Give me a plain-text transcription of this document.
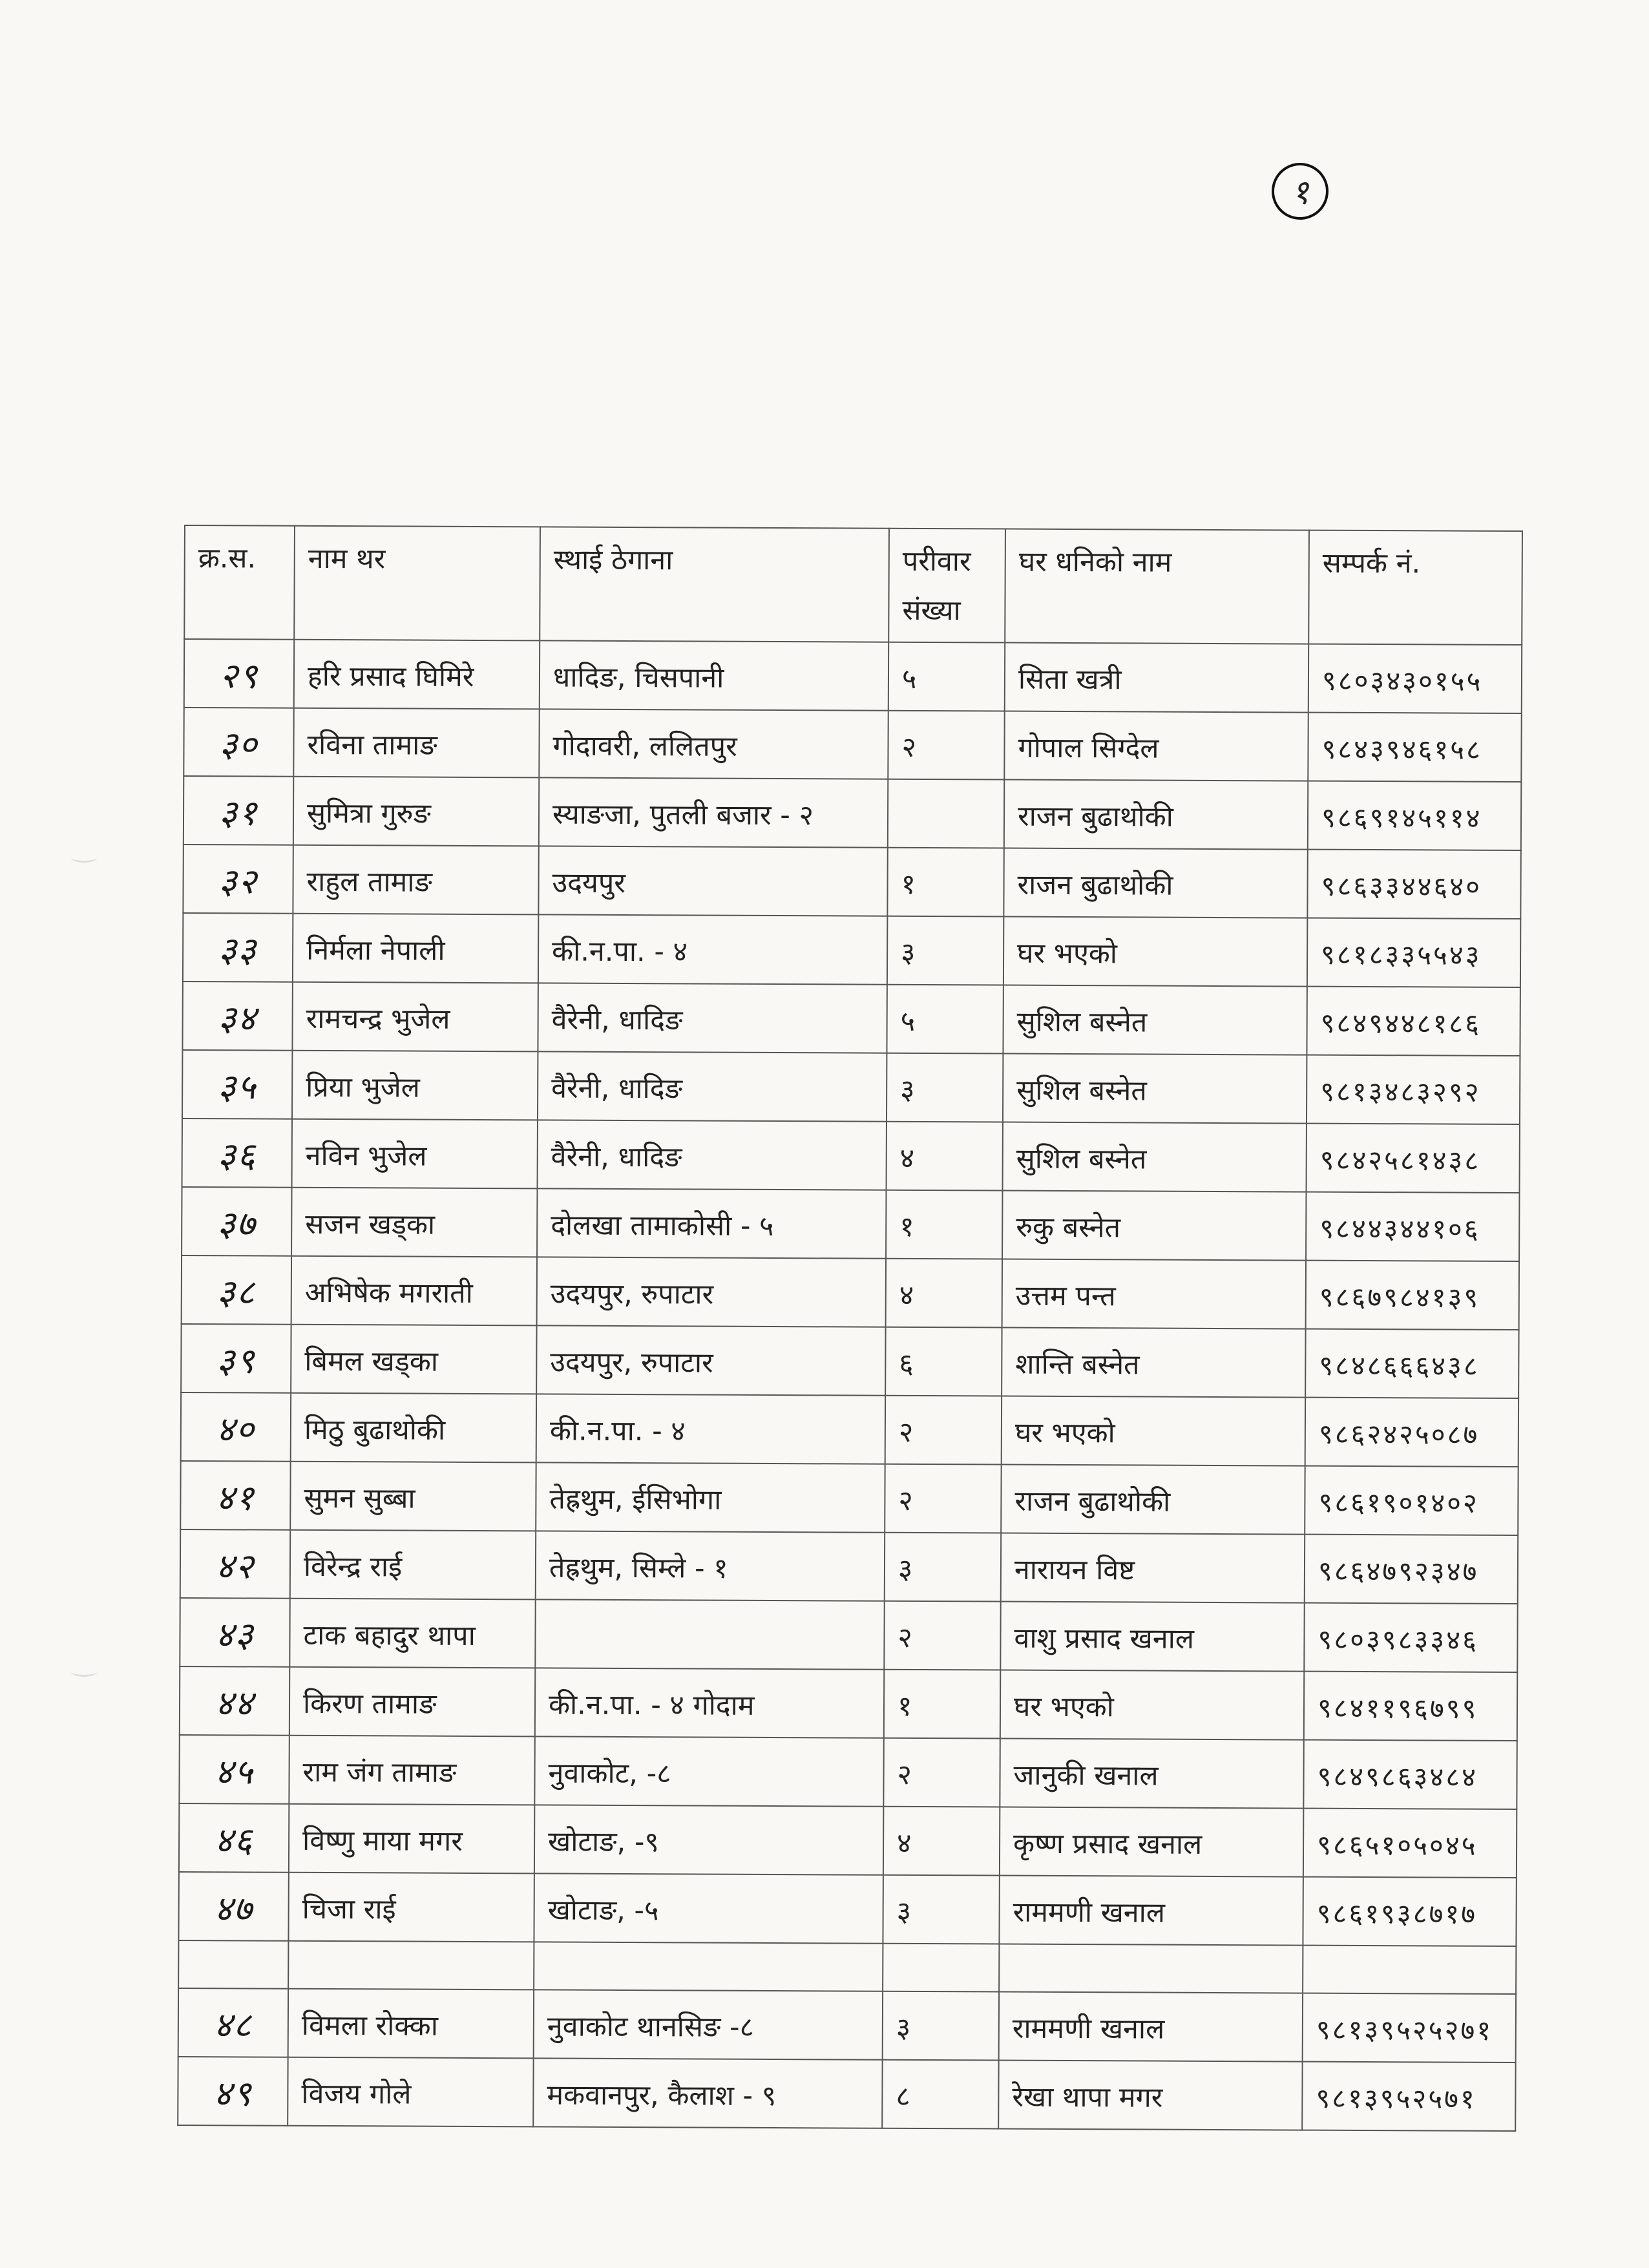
१
क्र.स.	नाम थर	स्थाई ठेगाना	परीवार संख्या	घर धनिको नाम	सम्पर्क नं.
२९	हरि प्रसाद घिमिरे	धादिङ, चिसपानी	५	सिता खत्री	९८०३४३०१५५
३०	रविना तामाङ	गोदावरी, ललितपुर	२	गोपाल सिग्देल	९८४३९४६१५८
३१	सुमित्रा गुरुङ	स्याङजा, पुतली बजार - २		राजन बुढाथोकी	९८६९१४५११४
३२	राहुल तामाङ	उदयपुर	१	राजन बुढाथोकी	९८६३३४४६४०
३३	निर्मला नेपाली	की.न.पा. - ४	३	घर भएको	९८१८३३५५४३
३४	रामचन्द्र भुजेल	वैरेनी, धादिङ	५	सुशिल बस्नेत	९८४९४४८१८६
३५	प्रिया भुजेल	वैरेनी, धादिङ	३	सुशिल बस्नेत	९८१३४८३२९२
३६	नविन भुजेल	वैरेनी, धादिङ	४	सुशिल बस्नेत	९८४२५८१४३८
३७	सजन खड्का	दोलखा तामाकोसी - ५	१	रुकु बस्नेत	९८४४३४४१०६
३८	अभिषेक मगराती	उदयपुर, रुपाटार	४	उत्तम पन्त	९८६७९८४१३९
३९	बिमल खड्का	उदयपुर, रुपाटार	६	शान्ति बस्नेत	९८४८६६६४३८
४०	मिठु बुढाथोकी	की.न.पा. - ४	२	घर भएको	९८६२४२५०८७
४१	सुमन सुब्बा	तेह्रथुम, ईसिभोगा	२	राजन बुढाथोकी	९८६१९०१४०२
४२	विरेन्द्र राई	तेह्रथुम, सिम्ले - १	३	नारायन विष्ट	९८६४७९२३४७
४३	टाक बहादुर थापा		२	वाशु प्रसाद खनाल	९८०३९८३३४६
४४	किरण तामाङ	की.न.पा. - ४ गोदाम	१	घर भएको	९८४११९६७९९
४५	राम जंग तामाङ	नुवाकोट, -८	२	जानुकी खनाल	९८४९८६३४८४
४६	विष्णु माया मगर	खोटाङ, -९	४	कृष्ण प्रसाद खनाल	९८६५१०५०४५
४७	चिजा राई	खोटाङ, -५	३	राममणी खनाल	९८६१९३८७१७

४८	विमला रोक्का	नुवाकोट थानसिङ -८	३	राममणी खनाल	९८१३९५२५२७१
४९	विजय गोले	मकवानपुर, कैलाश - ९	८	रेखा थापा मगर	९८१३९५२५७१
